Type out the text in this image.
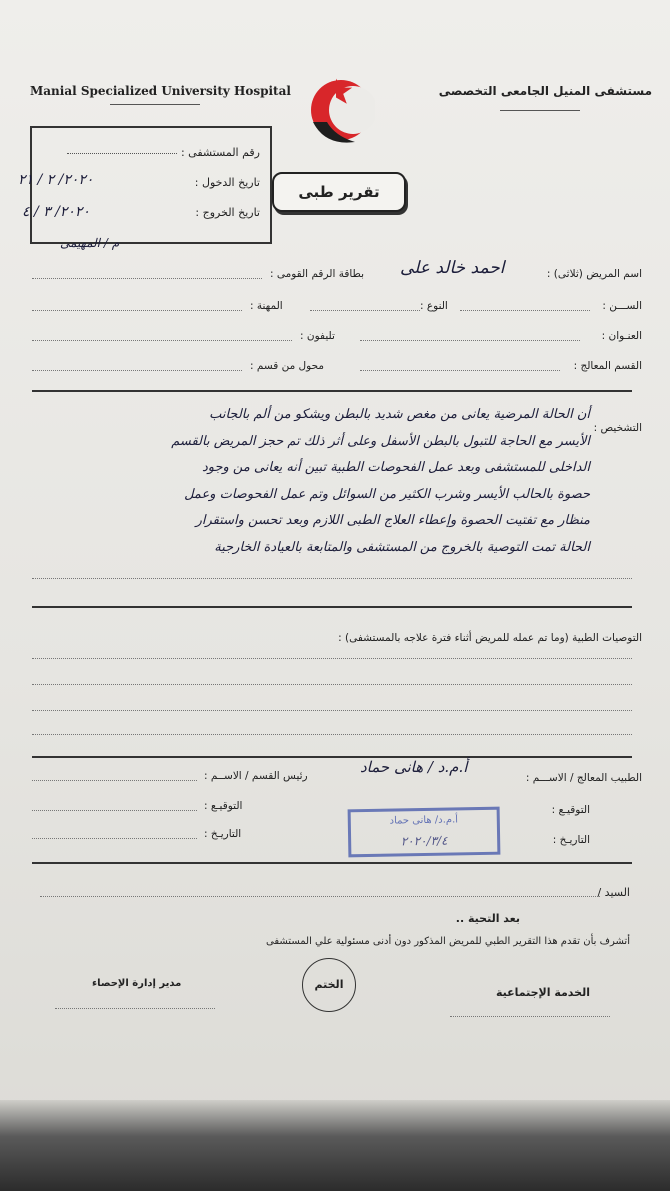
Manial Specialized University Hospital	مستشفى المنيل الجامعى التخصصى
تقرير طبى
رقم المستشفى :
تاريخ الدخول :
٢٠٢٠/ ٢ / ٢١
تاريخ الخروج :
٢٠٢٠/ ٣ / ٤
م / المهيمى
اسم المريض (ثلاثى) :
احمد خالد على
بطاقة الرقم القومى :
الســـن :
النوع :
المهنة :
العنـوان :
تليفون :
القسم المعالج :
محول من قسم :
التشخيص :
أن الحالة المرضية يعانى من مغص شديد بالبطن ويشكو من ألم بالجانب
الأيسر مع الحاجة للتبول بالبطن الأسفل وعلى أثر ذلك تم حجز المريض بالقسم
الداخلى للمستشفى وبعد عمل الفحوصات الطبية تبين أنه يعانى من وجود
حصوة بالحالب الأيسر وشرب الكثير من السوائل وتم عمل الفحوصات وعمل
منظار مع تفتيت الحصوة وإعطاء العلاج الطبى اللازم وبعد تحسن واستقرار
الحالة تمت التوصية بالخروج من المستشفى والمتابعة بالعيادة الخارجية
التوصيات الطبية (وما تم عمله للمريض أثناء فترة علاجه بالمستشفى) :
الطبيب المعالج / الاســـم :
أ.م.د / هانى حماد
رئيس القسم / الاســم :
التوقيـع :
التوقيـع :
التاريـخ :
التاريـخ :
أ.م.د/ هانى حماد
٢٠٢٠/٣/٤
السيد /
بعد التحية ..
أتشرف بأن تقدم هذا التقرير الطبي للمريض المذكور دون أدنى مسئولية علي المستشفى
الخدمة الإجتماعية
الختم
مدير إدارة الإحصاء
